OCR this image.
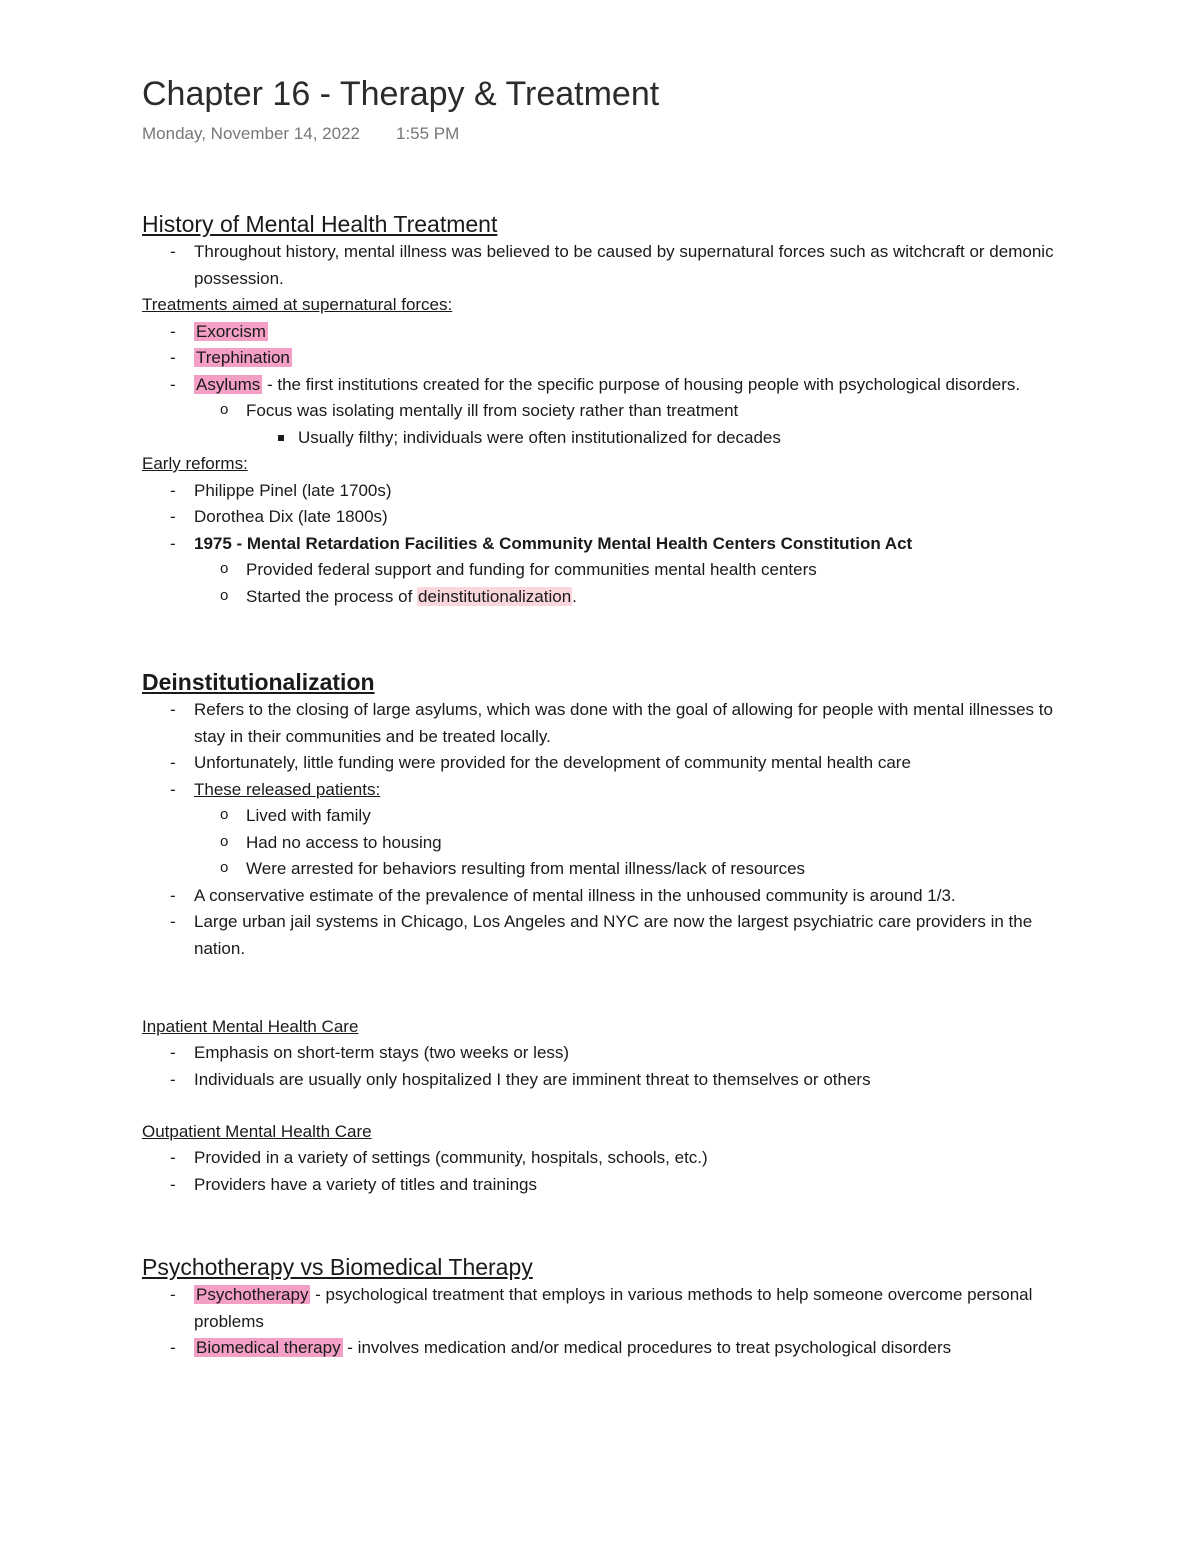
Chapter 16 - Therapy & Treatment
Monday, November 14, 2022 1:55 PM
History of Mental Health Treatment
- Throughout history, mental illness was believed to be caused by supernatural forces such as witchcraft or demonic possession.
Treatments aimed at supernatural forces:
- Exorcism
- Trephination
- Asylums - the first institutions created for the specific purpose of housing people with psychological disorders.
o Focus was isolating mentally ill from society rather than treatment
Usually filthy; individuals were often institutionalized for decades
Early reforms:
- Philippe Pinel (late 1700s)
- Dorothea Dix (late 1800s)
- 1975 - Mental Retardation Facilities & Community Mental Health Centers Constitution Act
o Provided federal support and funding for communities mental health centers
o Started the process of deinstitutionalization.
Deinstitutionalization
- Refers to the closing of large asylums, which was done with the goal of allowing for people with mental illnesses to stay in their communities and be treated locally.
- Unfortunately, little funding were provided for the development of community mental health care
- These released patients:
o Lived with family
o Had no access to housing
o Were arrested for behaviors resulting from mental illness/lack of resources
- A conservative estimate of the prevalence of mental illness in the unhoused community is around 1/3.
- Large urban jail systems in Chicago, Los Angeles and NYC are now the largest psychiatric care providers in the nation.
Inpatient Mental Health Care
- Emphasis on short-term stays (two weeks or less)
- Individuals are usually only hospitalized I they are imminent threat to themselves or others
Outpatient Mental Health Care
- Provided in a variety of settings (community, hospitals, schools, etc.)
- Providers have a variety of titles and trainings
Psychotherapy vs Biomedical Therapy
- Psychotherapy - psychological treatment that employs in various methods to help someone overcome personal problems
- Biomedical therapy - involves medication and/or medical procedures to treat psychological disorders
